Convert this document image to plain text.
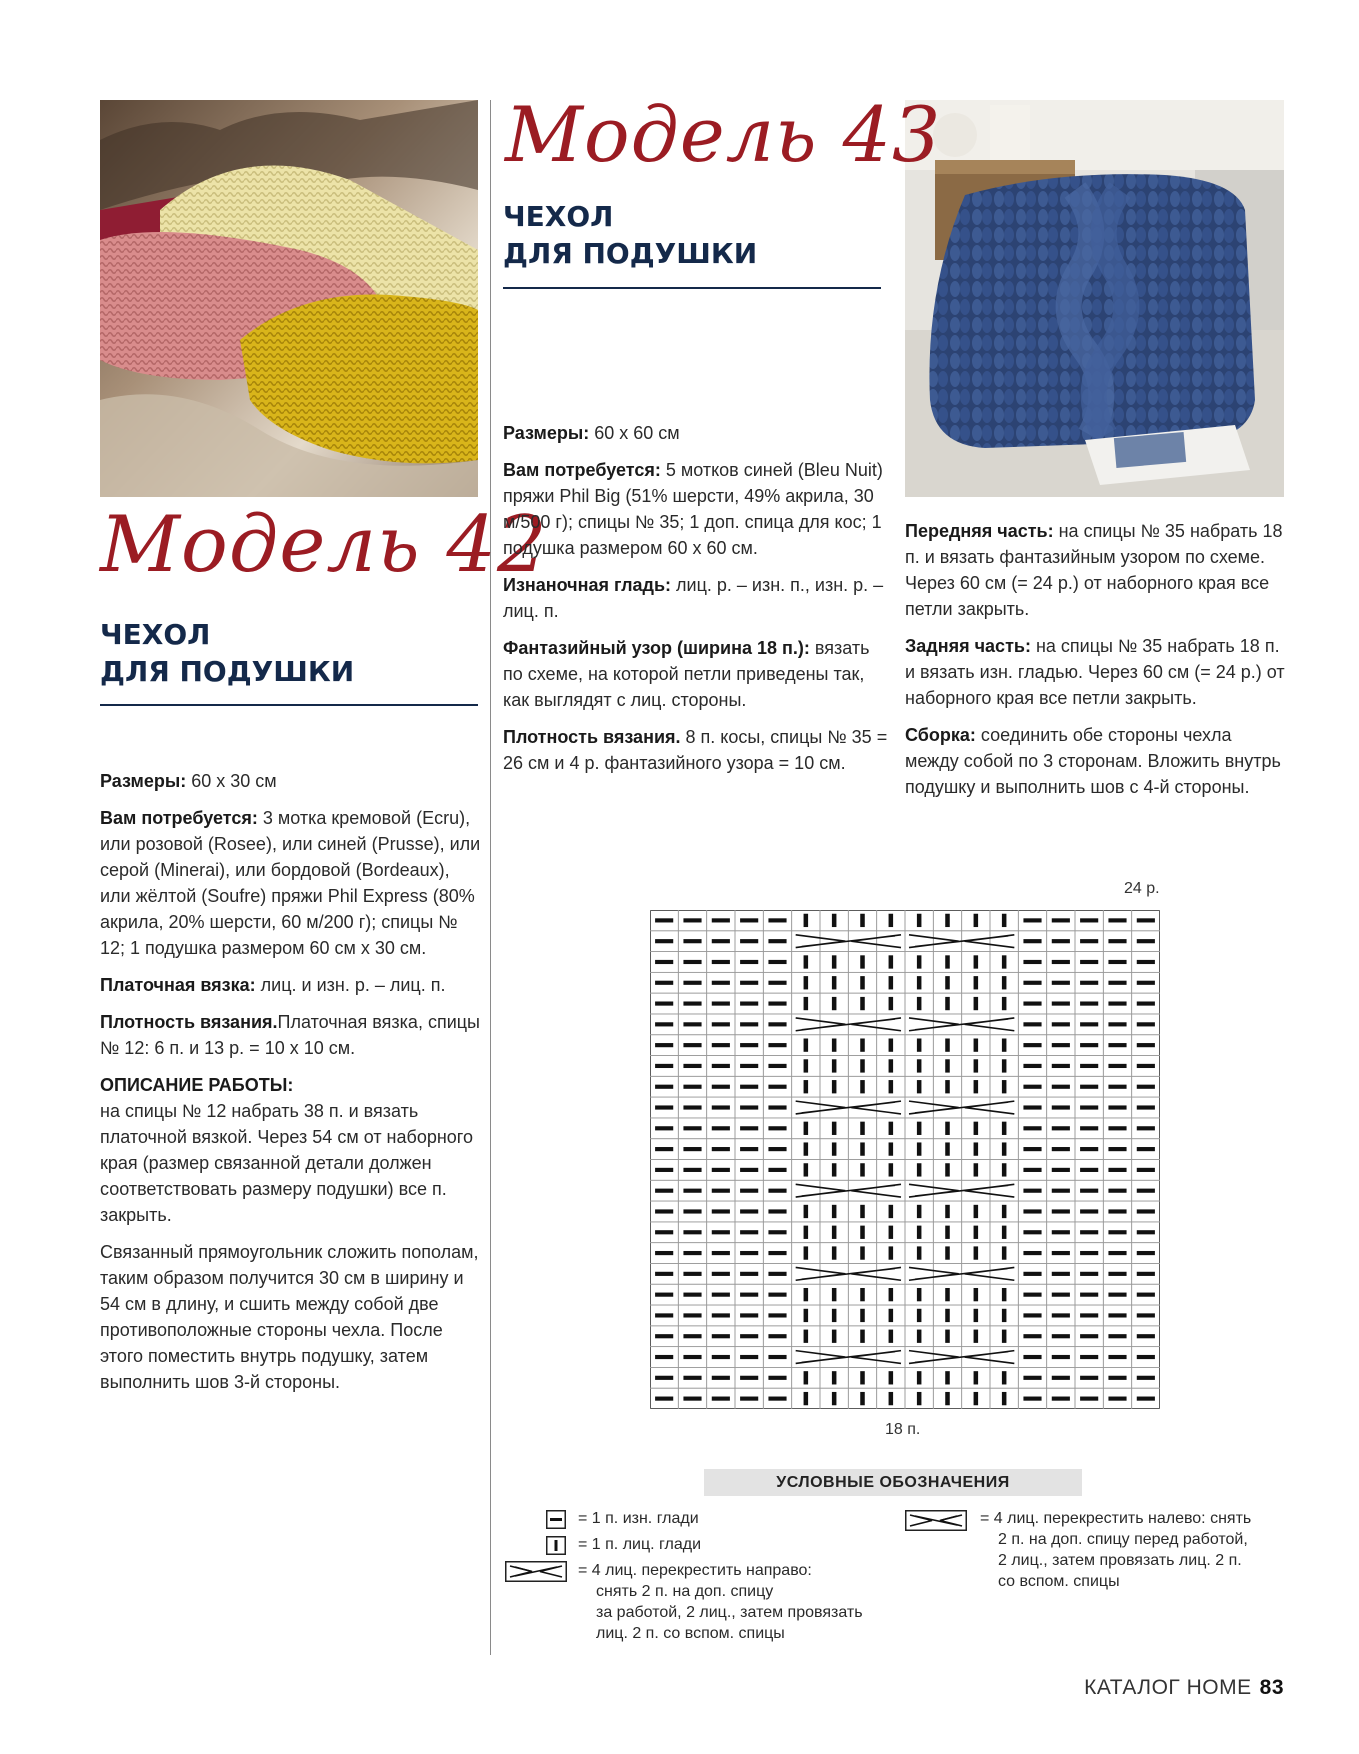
Модель 42
ЧЕХОЛ
ДЛЯ ПОДУШКИ

Размеры: 60 х 30 см

Вам потребуется: 3 мотка кремовой (Ecru), или розовой (Rosee), или синей (Prusse), или серой (Minerai), или бордовой (Bordeaux), или жёлтой (Soufre) пряжи Phil Express (80% акрила, 20% шерсти, 60 м/200 г); спицы № 12; 1 подушка размером 60 см х 30 см.

Платочная вязка: лиц. и изн. р. – лиц. п.

Плотность вязания.Платочная вязка, спицы № 12: 6 п. и 13 р. = 10 х 10 см.

ОПИСАНИЕ РАБОТЫ:
на спицы № 12 набрать 38 п. и вязать платочной вязкой. Через 54 см от наборного края (размер связанной детали должен соответствовать размеру подушки) все п. закрыть.

Связанный прямоугольник сложить пополам, таким образом получится 30 см в ширину и 54 см в длину, и сшить между собой две противоположные стороны чехла. После этого поместить внутрь подушку, затем выполнить шов 3-й стороны.

Модель 43
ЧЕХОЛ
ДЛЯ ПОДУШКИ

Размеры: 60 х 60 см

Вам потребуется: 5 мотков синей (Bleu Nuit) пряжи Phil Big (51% шерсти, 49% акрила, 30 м/500 г); спицы № 35; 1 доп. спица для кос; 1 подушка размером 60 х 60 см.

Изнаночная гладь: лиц. р. – изн. п., изн. р. – лиц. п.

Фантазийный узор (ширина 18 п.): вязать по схеме, на которой петли приведены так, как выглядят с лиц. стороны.

Плотность вязания. 8 п. косы, спицы № 35 = 26 см и 4 р. фантазийного узора = 10 см.

Передняя часть: на спицы № 35 набрать 18 п. и вязать фантазийным узором по схеме. Через 60 см (= 24 р.) от наборного края все петли закрыть.

Задняя часть: на спицы № 35 набрать 18 п. и вязать изн. гладью. Через 60 см (= 24 р.) от наборного края все петли закрыть.

Сборка: соединить обе стороны чехла между собой по 3 сторонам. Вложить внутрь подушку и выполнить шов с 4-й стороны.

24 р.
18 п.
УСЛОВНЫЕ ОБОЗНАЧЕНИЯ
= 1 п. изн. глади
= 1 п. лиц. глади
= 4 лиц. перекрестить направо:
снять 2 п. на доп. спицу
за работой, 2 лиц., затем провязать
лиц. 2 п. со вспом. спицы
= 4 лиц. перекрестить налево: снять
2 п. на доп. спицу перед работой,
2 лиц., затем провязать лиц. 2 п.
со вспом. спицы
КАТАЛОГ HOME 83
